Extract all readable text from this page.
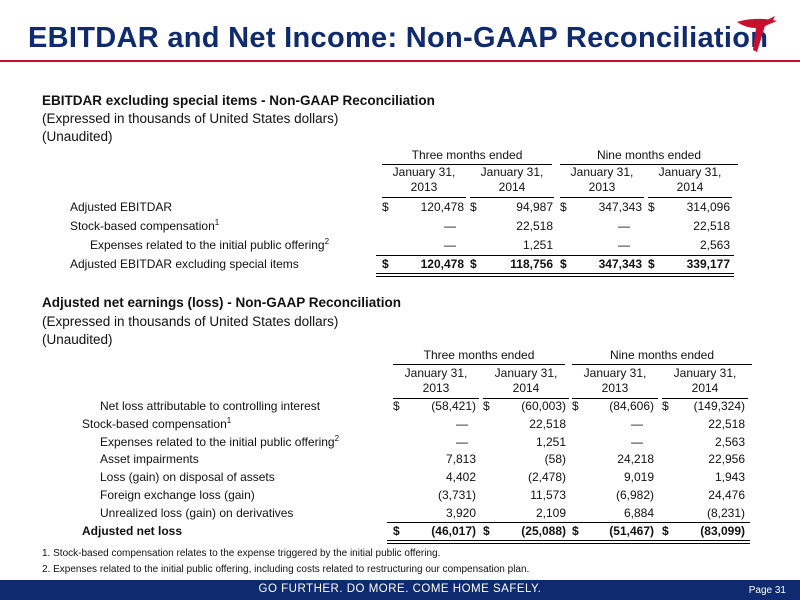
EBITDAR and Net Income: Non-GAAP Reconciliation
EBITDAR excluding special items - Non-GAAP Reconciliation
(Expressed in thousands of United States dollars)
(Unaudited)
Three months ended	Nine months ended
January 31,
2013
January 31,
2014
January 31,
2013
January 31,
2014
Adjusted EBITDAR	$	120,478 $	94,987 $	347,343 $	314,096
Stock-based compensation$^1$	—	22,518	—	22,518
Expenses related to the initial public offering$^2$	—	1,251	—	2,563
Adjusted EBITDAR excluding special items	$	120,478 $	118,756 $	347,343 $	339,177
Adjusted net earnings (loss) - Non-GAAP Reconciliation
(Expressed in thousands of United States dollars)
(Unaudited)
Three months ended	Nine months ended
January 31,
2013
January 31,
2014
January 31,
2013
January 31,
2014
Net loss attributable to controlling interest	$	(58,421) $	(60,003) $	(84,606) $	(149,324)
Stock-based compensation$^1$	—	22,518	—	22,518
Expenses related to the initial public offering$^2$	—	1,251	—	2,563
Asset impairments	7,813	(58)	24,218	22,956
Loss (gain) on disposal of assets	4,402	(2,478)	9,019	1,943
Foreign exchange loss (gain)	(3,731)	11,573	(6,982)	24,476
Unrealized loss (gain) on derivatives	3,920	2,109	6,884	(8,231)
Adjusted net loss	$	(46,017) $	(25,088) $	(51,467) $	(83,099)
1. Stock-based compensation relates to the expense triggered by the initial public offering.
2. Expenses related to the initial public offering, including costs related to restructuring our compensation plan.
GO FURTHER. DO MORE. COME HOME SAFELY.	Page 31
